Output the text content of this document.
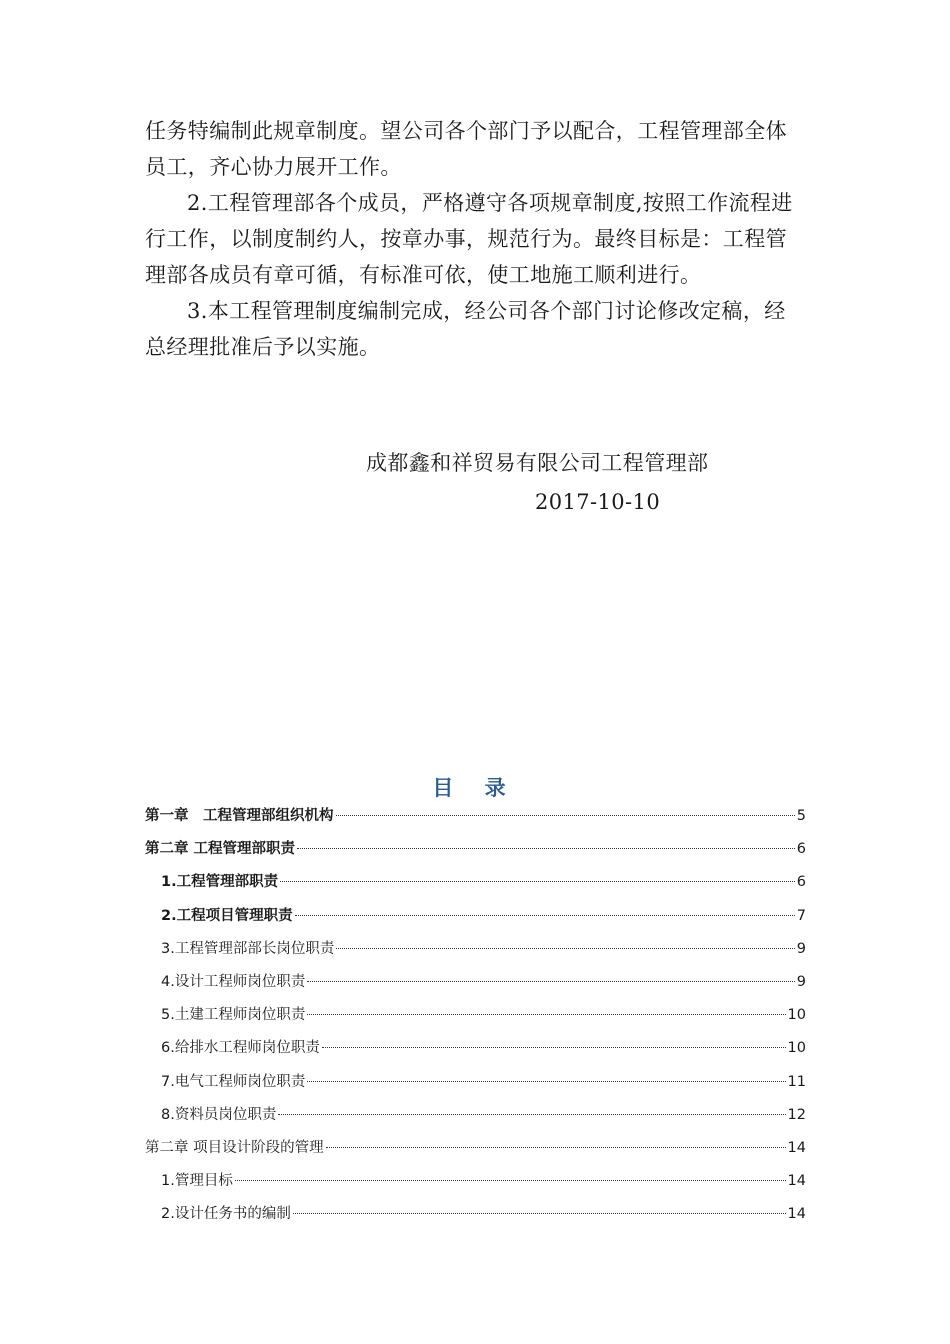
任务特编制此规章制度。望公司各个部门予以配合，工程管理部全体员工，齐心协力展开工作。

2.工程管理部各个成员，严格遵守各项规章制度,按照工作流程进行工作，以制度制约人，按章办事，规范行为。最终目标是：工程管理部各成员有章可循，有标准可依，使工地施工顺利进行。

3.本工程管理制度编制完成，经公司各个部门讨论修改定稿，经总经理批准后予以实施。

成都鑫和祥贸易有限公司工程管理部
2017-10-10
目 录
第一章　工程管理部组织机构	5
第二章 工程管理部职责	6
1.工程管理部职责	6
2.工程项目管理职责	7
3.工程管理部部长岗位职责	9
4.设计工程师岗位职责	9
5.土建工程师岗位职责	10
6.给排水工程师岗位职责	10
7.电气工程师岗位职责	11
8.资料员岗位职责	12
第二章 项目设计阶段的管理	14
1.管理目标	14
2.设计任务书的编制	14
